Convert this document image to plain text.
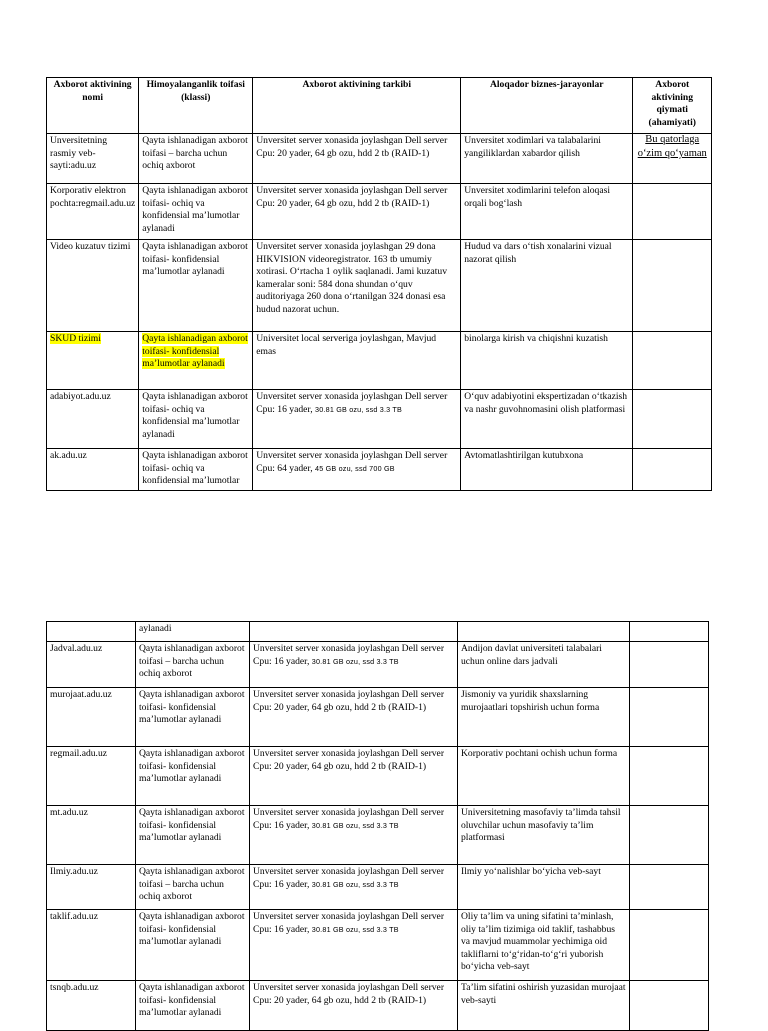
Axborot aktivining nomi	Himoyalanganlik toifasi (klassi)	Axborot aktivining tarkibi	Aloqador biznes-jarayonlar	Axborot aktivining qiymati (ahamiyati)
Unversitetning rasmiy veb-sayti:adu.uz	Qayta ishlanadigan axborot toifasi – barcha uchun ochiq axborot	Unversitet server xonasida joylashgan Dell server Cpu: 20 yader, 64 gb ozu, hdd 2 tb (RAID-1)	Unversitet xodimlari va talabalarini yangiliklardan xabardor qilish	Bu qatorlaga o‘zim qo‘yaman

Korporativ elektron pochta:regmail.adu.uz	Qayta ishlanadigan axborot toifasi- ochiq va konfidensial ma’lumotlar aylanadi	Unversitet server xonasida joylashgan Dell server Cpu: 20 yader, 64 gb ozu, hdd 2 tb (RAID-1)	Unversitet xodimlarini telefon aloqasi orqali bog‘lash	
Video kuzatuv tizimi	Qayta ishlanadigan axborot toifasi- konfidensial ma’lumotlar aylanadi	Unversitet server xonasida joylashgan 29 dona HIKVISION videoregistrator. 163 tb umumiy xotirasi. O‘rtacha 1 oylik saqlanadi. Jami kuzatuv kameralar soni: 584 dona shundan o‘quv auditoriyaga 260 dona o‘rtanilgan 324 donasi esa hudud nazorat uchun.	Hudud va dars o‘tish xonalarini vizual nazorat qilish	
SKUD tizimi	Qayta ishlanadigan axborot toifasi- konfidensial ma’lumotlar aylanadi	Universitet local serveriga joylashgan, Mavjud emas	binolarga kirish va chiqishni kuzatish	
adabiyot.adu.uz	Qayta ishlanadigan axborot toifasi- ochiq va konfidensial ma’lumotlar aylanadi	Unversitet server xonasida joylashgan Dell server Cpu: 16 yader, 30.81 GB ozu, ssd 3.3 TB	O‘quv adabiyotini ekspertizadan o‘tkazish va nashr guvohnomasini olish platformasi	
ak.adu.uz	Qayta ishlanadigan axborot toifasi- ochiq va konfidensial ma’lumotlar	Unversitet server xonasida joylashgan Dell server Cpu: 64 yader, 45 GB ozu, ssd 700 GB	Avtomatlashtirilgan kutubxona	
	aylanadi			
Jadval.adu.uz	Qayta ishlanadigan axborot toifasi – barcha uchun ochiq axborot	Unversitet server xonasida joylashgan Dell server Cpu: 16 yader, 30.81 GB ozu, ssd 3.3 TB	Andijon davlat universiteti talabalari uchun online dars jadvali	
murojaat.adu.uz	Qayta ishlanadigan axborot toifasi- konfidensial ma’lumotlar aylanadi	Unversitet server xonasida joylashgan Dell server Cpu: 20 yader, 64 gb ozu, hdd 2 tb (RAID-1)	Jismoniy va yuridik shaxslarning murojaatlari topshirish uchun forma	
regmail.adu.uz	Qayta ishlanadigan axborot toifasi- konfidensial ma’lumotlar aylanadi	Unversitet server xonasida joylashgan Dell server Cpu: 20 yader, 64 gb ozu, hdd 2 tb (RAID-1)	Korporativ pochtani ochish uchun forma	
mt.adu.uz	Qayta ishlanadigan axborot toifasi- konfidensial ma’lumotlar aylanadi	Unversitet server xonasida joylashgan Dell server Cpu: 16 yader, 30.81 GB ozu, ssd 3.3 TB	Universitetning masofaviy ta’limda tahsil oluvchilar uchun masofaviy ta’lim platformasi	
Ilmiy.adu.uz	Qayta ishlanadigan axborot toifasi – barcha uchun ochiq axborot	Unversitet server xonasida joylashgan Dell server Cpu: 16 yader, 30.81 GB ozu, ssd 3.3 TB	Ilmiy yo‘nalishlar bo‘yicha veb-sayt	
taklif.adu.uz	Qayta ishlanadigan axborot toifasi- konfidensial ma’lumotlar aylanadi	Unversitet server xonasida joylashgan Dell server Cpu: 16 yader, 30.81 GB ozu, ssd 3.3 TB	Oliy ta’lim va uning sifatini ta’minlash, oliy ta’lim tizimiga oid taklif, tashabbus va mavjud muammolar yechimiga oid takliflarni to‘g‘ridan-to‘g‘ri yuborish bo‘yicha veb-sayt	
tsnqb.adu.uz	Qayta ishlanadigan axborot toifasi- konfidensial ma’lumotlar aylanadi	Unversitet server xonasida joylashgan Dell server Cpu: 20 yader, 64 gb ozu, hdd 2 tb (RAID-1)	Ta’lim sifatini oshirish yuzasidan murojaat veb-sayti	
